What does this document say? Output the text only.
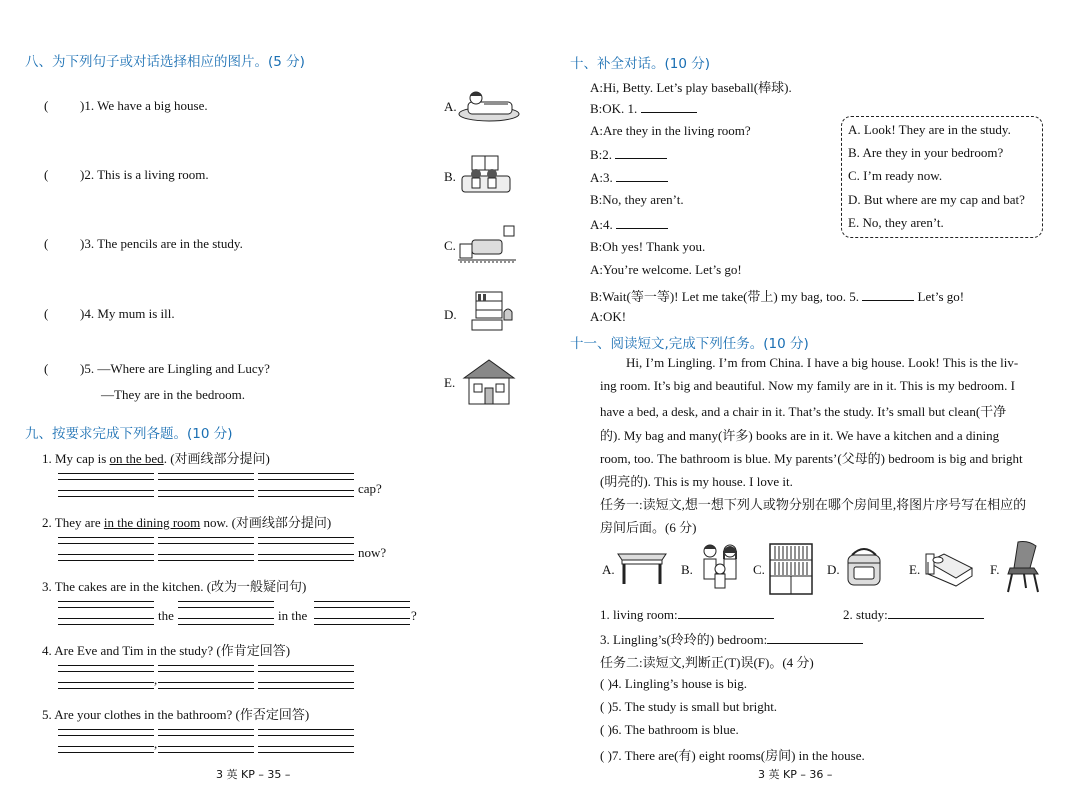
八、为下列句子或对话选择相应的图片。(5 分)
( )1. We have a big house.
( )2. This is a living room.
( )3. The pencils are in the study.
( )4. My mum is ill.
( )5. —Where are Lingling and Lucy?
—They are in the bedroom.
A.
B.
C.
D.
E.
九、按要求完成下列各题。(10 分)
1. My cap is on the bed. (对画线部分提问)
cap?
2. They are in the dining room now. (对画线部分提问)
now?
3. The cakes are in the kitchen. (改为一般疑问句)
the	in the	?
4. Are Eve and Tim in the study? (作肯定回答)
,
5. Are your clothes in the bathroom? (作否定回答)
,
3 英 KP – 35 –
十、补全对话。(10 分)
A:Hi, Betty. Let’s play baseball(棒球).
B:OK. 1.
A:Are they in the living room?
B:2.
A:3.
B:No, they aren’t.
A:4.
B:Oh yes! Thank you.
A:You’re welcome. Let’s go!
B:Wait(等一等)! Let me take(带上) my bag, too. 5.	Let’s go!
A:OK!
A. Look! They are in the study.
B. Are they in your bedroom?
C. I’m ready now.
D. But where are my cap and bat?
E. No, they aren’t.
十一、阅读短文,完成下列任务。(10 分)
Hi, I’m Lingling. I’m from China. I have a big house. Look! This is the liv-
ing room. It’s big and beautiful. Now my family are in it. This is my bedroom. I
have a bed, a desk, and a chair in it. That’s the study. It’s small but clean(干净
的). My bag and many(许多) books are in it. We have a kitchen and a dining
room, too. The bathroom is blue. My parents’(父母的) bedroom is big and bright
(明亮的). This is my house. I love it.
任务一:读短文,想一想下列人或物分别在哪个房间里,将图片序号写在相应的
房间后面。(6 分)
A.	B.	C.	D.	E.	F.
1. living room:	2. study:
3. Lingling’s(玲玲的) bedroom:
任务二:读短文,判断正(T)误(F)。(4 分)
( )4. Lingling’s house is big.
( )5. The study is small but bright.
( )6. The bathroom is blue.
( )7. There are(有) eight rooms(房间) in the house.
3 英 KP – 36 –
